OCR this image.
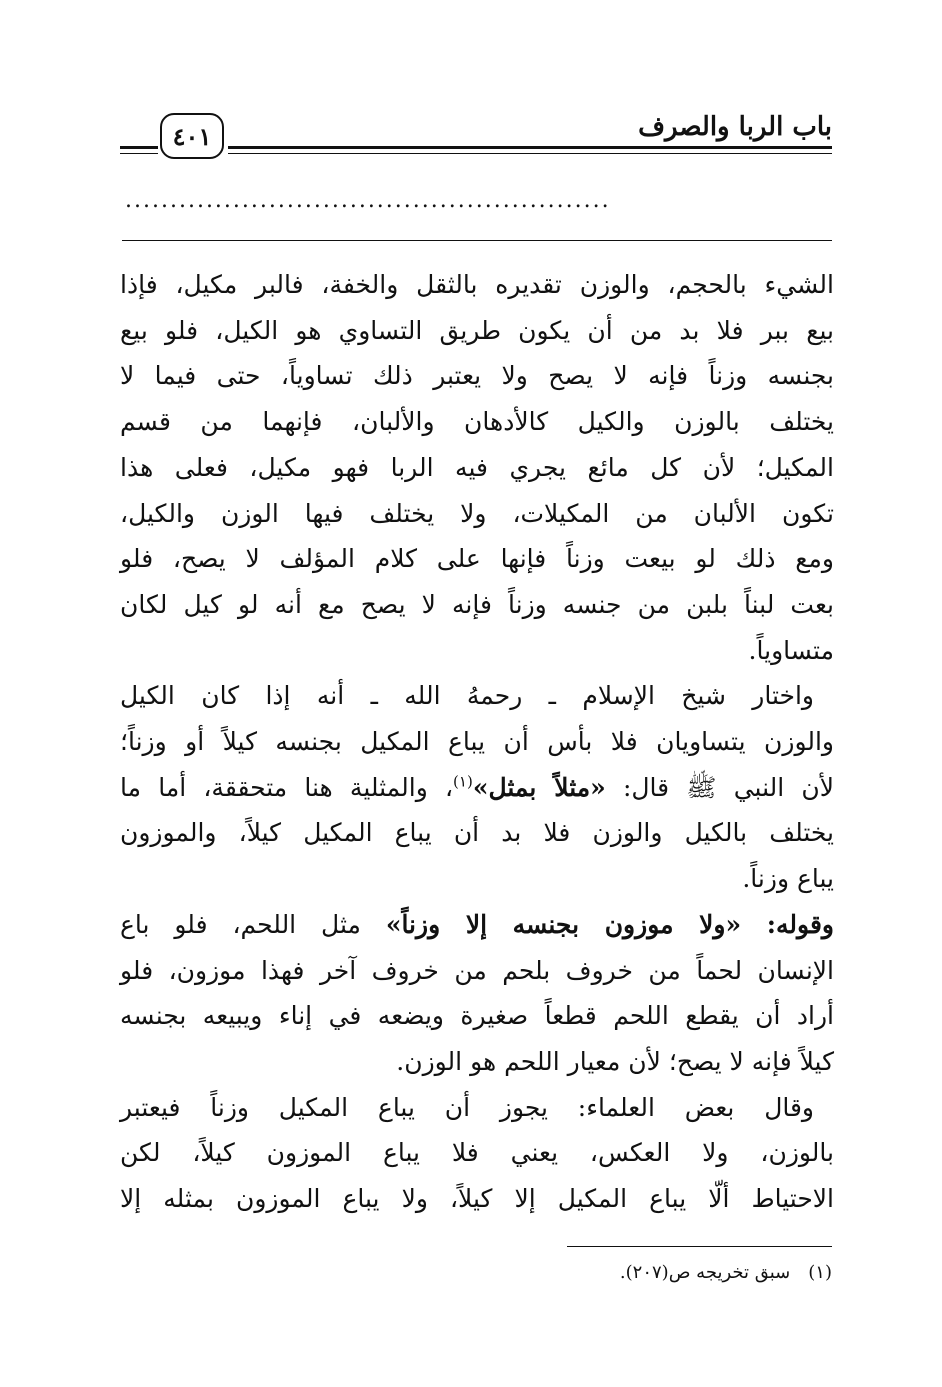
باب الربا والصرف
٤٠١
......................................................
الشيء بالحجم، والوزن تقديره بالثقل والخفة، فالبر مكيل، فإذا
بيع ببر فلا بد من أن يكون طريق التساوي هو الكيل، فلو بيع
بجنسه وزناً فإنه لا يصح ولا يعتبر ذلك تساوياً، حتى فيما لا
يختلف بالوزن والكيل كالأدهان والألبان، فإنهما من قسم
المكيل؛ لأن كل مائع يجري فيه الربا فهو مكيل، فعلى هذا
تكون الألبان من المكيلات، ولا يختلف فيها الوزن والكيل،
ومع ذلك لو بيعت وزناً فإنها على كلام المؤلف لا يصح، فلو
بعت لبناً بلبن من جنسه وزناً فإنه لا يصح مع أنه لو كيل لكان
متساوياً.
واختار شيخ الإسلام ـ رحمهُ الله ـ أنه إذا كان الكيل
والوزن يتساويان فلا بأس أن يباع المكيل بجنسه كيلاً أو وزناً؛
لأن النبي ﷺ قال: «مثلاً بمثل»$^{(١)}$، والمثلية هنا متحققة، أما ما
يختلف بالكيل والوزن فلا بد أن يباع المكيل كيلاً، والموزون
يباع وزناً.
وقوله: «ولا موزون بجنسه إلا وزناً» مثل اللحم، فلو باع
الإنسان لحماً من خروف بلحم من خروف آخر فهذا موزون، فلو
أراد أن يقطع اللحم قطعاً صغيرة ويضعه في إناء ويبيعه بجنسه
كيلاً فإنه لا يصح؛ لأن معيار اللحم هو الوزن.
وقال بعض العلماء: يجوز أن يباع المكيل وزناً فيعتبر
بالوزن، ولا العكس، يعني فلا يباع الموزون كيلاً، لكن
الاحتياط ألّا يباع المكيل إلا كيلاً، ولا يباع الموزون بمثله إلا
(١)سبق تخريجه ص(٢٠٧).
